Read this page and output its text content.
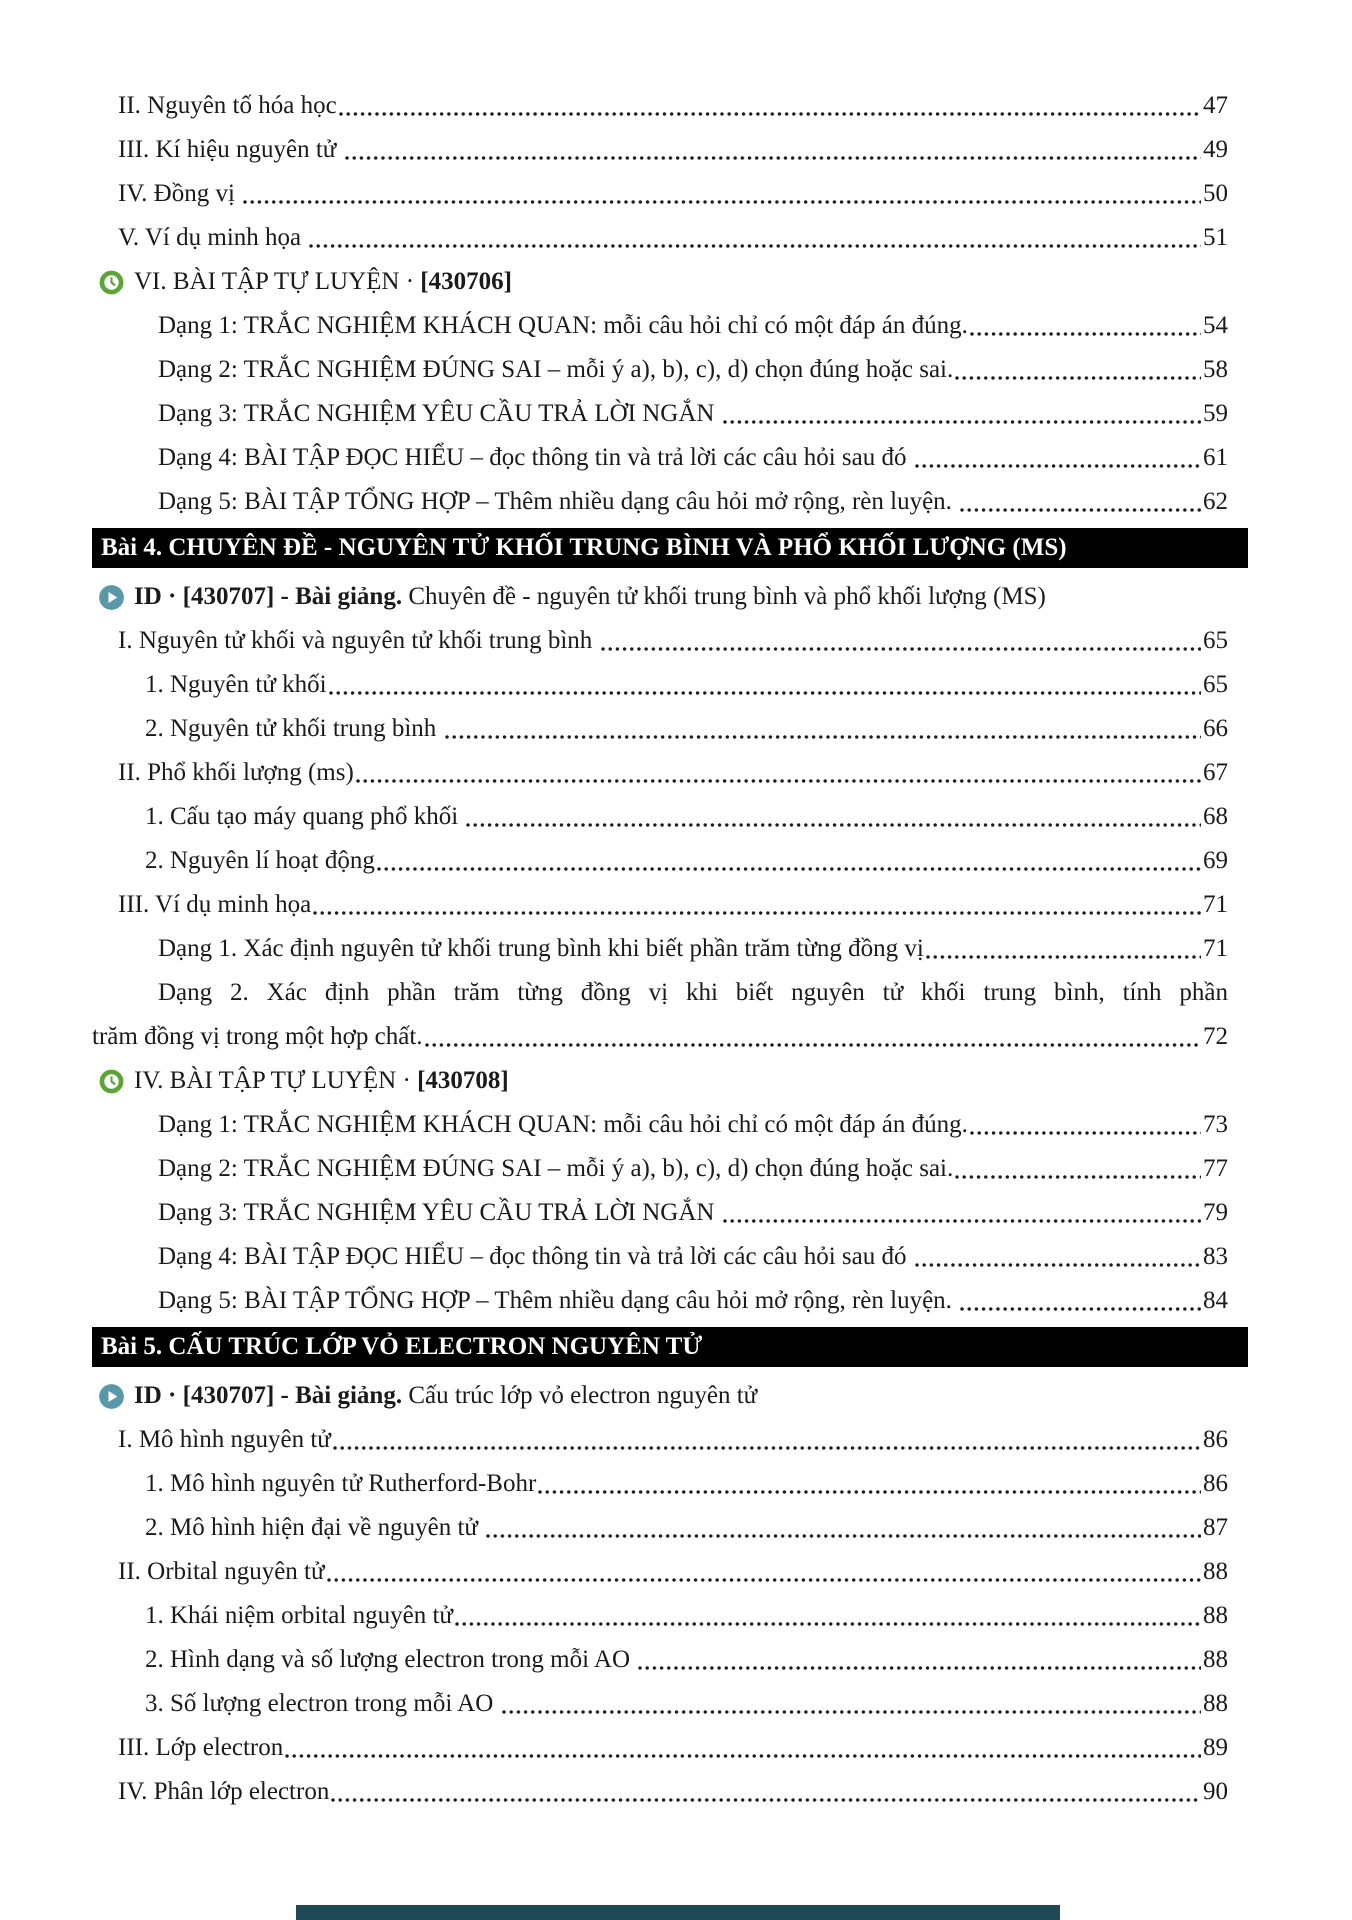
II. Nguyên tố hóa học	47
III. Kí hiệu nguyên tử	49
IV. Đồng vị	50
V. Ví dụ minh họa	51
VI. BÀI TẬP TỰ LUYỆN · [430706]
Dạng 1: TRẮC NGHIỆM KHÁCH QUAN: mỗi câu hỏi chỉ có một đáp án đúng.	54
Dạng 2: TRẮC NGHIỆM ĐÚNG SAI – mỗi ý a), b), c), d) chọn đúng hoặc sai.	58
Dạng 3: TRẮC NGHIỆM YÊU CẦU TRẢ LỜI NGẮN	59
Dạng 4: BÀI TẬP ĐỌC HIỂU – đọc thông tin và trả lời các câu hỏi sau đó	61
Dạng 5: BÀI TẬP TỔNG HỢP – Thêm nhiều dạng câu hỏi mở rộng, rèn luyện.	62
Bài 4. CHUYÊN ĐỀ - NGUYÊN TỬ KHỐI TRUNG BÌNH VÀ PHỔ KHỐI LƯỢNG (MS)
ID · [430707] - Bài giảng. Chuyên đề - nguyên tử khối trung bình và phổ khối lượng (MS)
I. Nguyên tử khối và nguyên tử khối trung bình	65
1. Nguyên tử khối	65
2. Nguyên tử khối trung bình	66
II. Phổ khối lượng (ms)	67
1. Cấu tạo máy quang phổ khối	68
2. Nguyên lí hoạt động	69
III. Ví dụ minh họa	71
Dạng 1. Xác định nguyên tử khối trung bình khi biết phần trăm từng đồng vị	71
Dạng 2. Xác định phần trăm từng đồng vị khi biết nguyên tử khối trung bình, tính phần
trăm đồng vị trong một hợp chất.	72
IV. BÀI TẬP TỰ LUYỆN · [430708]
Dạng 1: TRẮC NGHIỆM KHÁCH QUAN: mỗi câu hỏi chỉ có một đáp án đúng.	73
Dạng 2: TRẮC NGHIỆM ĐÚNG SAI – mỗi ý a), b), c), d) chọn đúng hoặc sai.	77
Dạng 3: TRẮC NGHIỆM YÊU CẦU TRẢ LỜI NGẮN	79
Dạng 4: BÀI TẬP ĐỌC HIỂU – đọc thông tin và trả lời các câu hỏi sau đó	83
Dạng 5: BÀI TẬP TỔNG HỢP – Thêm nhiều dạng câu hỏi mở rộng, rèn luyện.	84
Bài 5. CẤU TRÚC LỚP VỎ ELECTRON NGUYÊN TỬ
ID · [430707] - Bài giảng. Cấu trúc lớp vỏ electron nguyên tử
I. Mô hình nguyên tử	86
1. Mô hình nguyên tử Rutherford-Bohr	86
2. Mô hình hiện đại về nguyên tử	87
II. Orbital nguyên tử	88
1. Khái niệm orbital nguyên tử	88
2. Hình dạng và số lượng electron trong mỗi AO	88
3. Số lượng electron trong mỗi AO	88
III. Lớp electron	89
IV. Phân lớp electron	90
